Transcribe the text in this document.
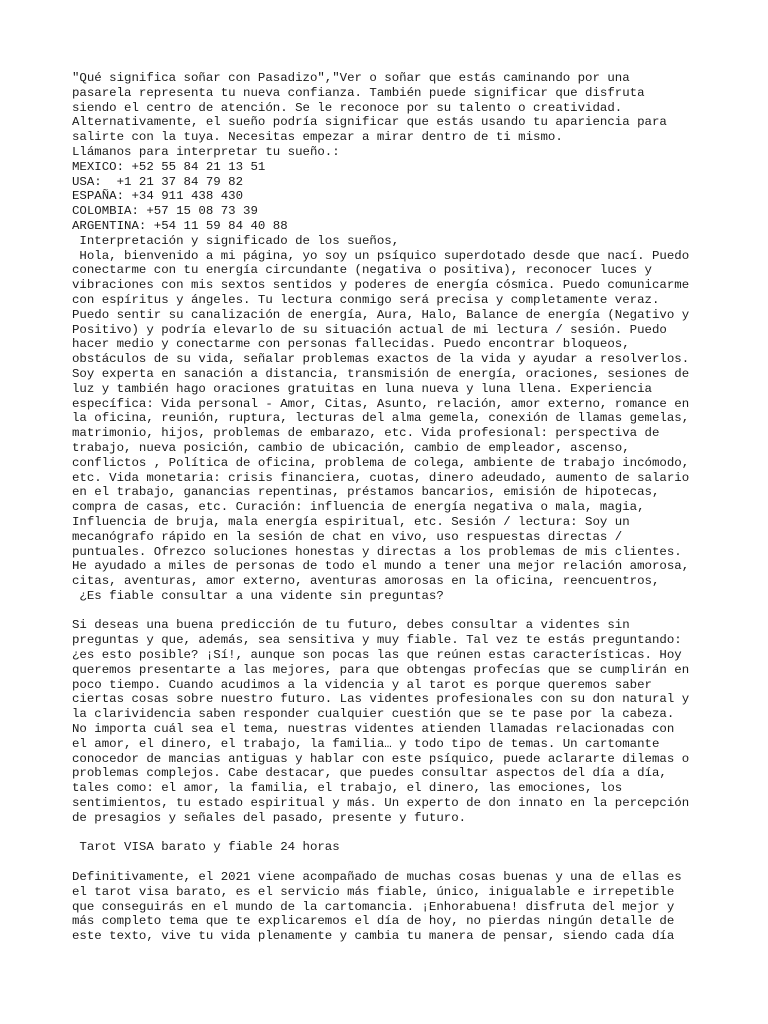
"Qué significa soñar con Pasadizo","Ver o soñar que estás caminando por una
pasarela representa tu nueva confianza. También puede significar que disfruta
siendo el centro de atención. Se le reconoce por su talento o creatividad.
Alternativamente, el sueño podría significar que estás usando tu apariencia para
salirte con la tuya. Necesitas empezar a mirar dentro de ti mismo.
Llámanos para interpretar tu sueño.:
MEXICO: +52 55 84 21 13 51
USA:  +1 21 37 84 79 82
ESPAÑA: +34 911 438 430
COLOMBIA: +57 15 08 73 39
ARGENTINA: +54 11 59 84 40 88
Interpretación y significado de los sueños,
Hola, bienvenido a mi página, yo soy un psíquico superdotado desde que nací. Puedo
conectarme con tu energía circundante (negativa o positiva), reconocer luces y
vibraciones con mis sextos sentidos y poderes de energía cósmica. Puedo comunicarme
con espíritus y ángeles. Tu lectura conmigo será precisa y completamente veraz.
Puedo sentir su canalización de energía, Aura, Halo, Balance de energía (Negativo y
Positivo) y podría elevarlo de su situación actual de mi lectura / sesión. Puedo
hacer medio y conectarme con personas fallecidas. Puedo encontrar bloqueos,
obstáculos de su vida, señalar problemas exactos de la vida y ayudar a resolverlos.
Soy experta en sanación a distancia, transmisión de energía, oraciones, sesiones de
luz y también hago oraciones gratuitas en luna nueva y luna llena. Experiencia
específica: Vida personal - Amor, Citas, Asunto, relación, amor externo, romance en
la oficina, reunión, ruptura, lecturas del alma gemela, conexión de llamas gemelas,
matrimonio, hijos, problemas de embarazo, etc. Vida profesional: perspectiva de
trabajo, nueva posición, cambio de ubicación, cambio de empleador, ascenso,
conflictos , Política de oficina, problema de colega, ambiente de trabajo incómodo,
etc. Vida monetaria: crisis financiera, cuotas, dinero adeudado, aumento de salario
en el trabajo, ganancias repentinas, préstamos bancarios, emisión de hipotecas,
compra de casas, etc. Curación: influencia de energía negativa o mala, magia,
Influencia de bruja, mala energía espiritual, etc. Sesión / lectura: Soy un
mecanógrafo rápido en la sesión de chat en vivo, uso respuestas directas /
puntuales. Ofrezco soluciones honestas y directas a los problemas de mis clientes.
He ayudado a miles de personas de todo el mundo a tener una mejor relación amorosa,
citas, aventuras, amor externo, aventuras amorosas en la oficina, reencuentros,
¿Es fiable consultar a una vidente sin preguntas?
Si deseas una buena predicción de tu futuro, debes consultar a videntes sin
preguntas y que, además, sea sensitiva y muy fiable. Tal vez te estás preguntando:
¿es esto posible? ¡Sí!, aunque son pocas las que reúnen estas características. Hoy
queremos presentarte a las mejores, para que obtengas profecías que se cumplirán en
poco tiempo. Cuando acudimos a la videncia y al tarot es porque queremos saber
ciertas cosas sobre nuestro futuro. Las videntes profesionales con su don natural y
la clarividencia saben responder cualquier cuestión que se te pase por la cabeza.
No importa cuál sea el tema, nuestras videntes atienden llamadas relacionadas con
el amor, el dinero, el trabajo, la familia… y todo tipo de temas. Un cartomante
conocedor de mancias antiguas y hablar con este psíquico, puede aclararte dilemas o
problemas complejos. Cabe destacar, que puedes consultar aspectos del día a día,
tales como: el amor, la familia, el trabajo, el dinero, las emociones, los
sentimientos, tu estado espiritual y más. Un experto de don innato en la percepción
de presagios y señales del pasado, presente y futuro.
Tarot VISA barato y fiable 24 horas
Definitivamente, el 2021 viene acompañado de muchas cosas buenas y una de ellas es
el tarot visa barato, es el servicio más fiable, único, inigualable e irrepetible
que conseguirás en el mundo de la cartomancia. ¡Enhorabuena! disfruta del mejor y
más completo tema que te explicaremos el día de hoy, no pierdas ningún detalle de
este texto, vive tu vida plenamente y cambia tu manera de pensar, siendo cada día
